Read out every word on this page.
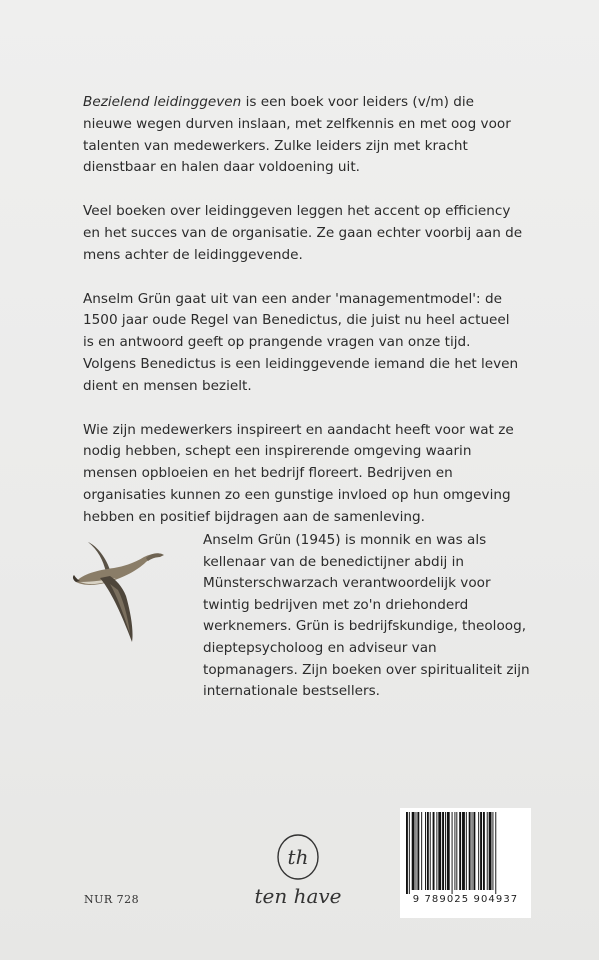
Bezielend leidinggeven is een boek voor leiders (v/m) die nieuwe wegen durven inslaan, met zelfkennis en met oog voor talenten van medewerkers. Zulke leiders zijn met kracht dienstbaar en halen daar voldoening uit.

Veel boeken over leidinggeven leggen het accent op efficiency en het succes van de organisatie. Ze gaan echter voorbij aan de mens achter de leidinggevende.

Anselm Grün gaat uit van een ander 'managementmodel': de 1500 jaar oude Regel van Benedictus, die juist nu heel actueel is en antwoord geeft op prangende vragen van onze tijd. Volgens Benedictus is een leidinggevende iemand die het leven dient en mensen bezielt.

Wie zijn medewerkers inspireert en aandacht heeft voor wat ze nodig hebben, schept een inspirerende omgeving waarin mensen opbloeien en het bedrijf floreert. Bedrijven en organisaties kunnen zo een gunstige invloed op hun omgeving hebben en positief bijdragen aan de samenleving.

Anselm Grün (1945) is monnik en was als kellenaar van de benedictijner abdij in Münsterschwarzach verantwoordelijk voor twintig bedrijven met zo'n driehonderd werknemers. Grün is bedrijfskundige, theoloog, dieptepsycholoog en adviseur van topmanagers. Zijn boeken over spiritualiteit zijn internationale bestsellers.
NUR 728
th
ten have	9 789025 904937
